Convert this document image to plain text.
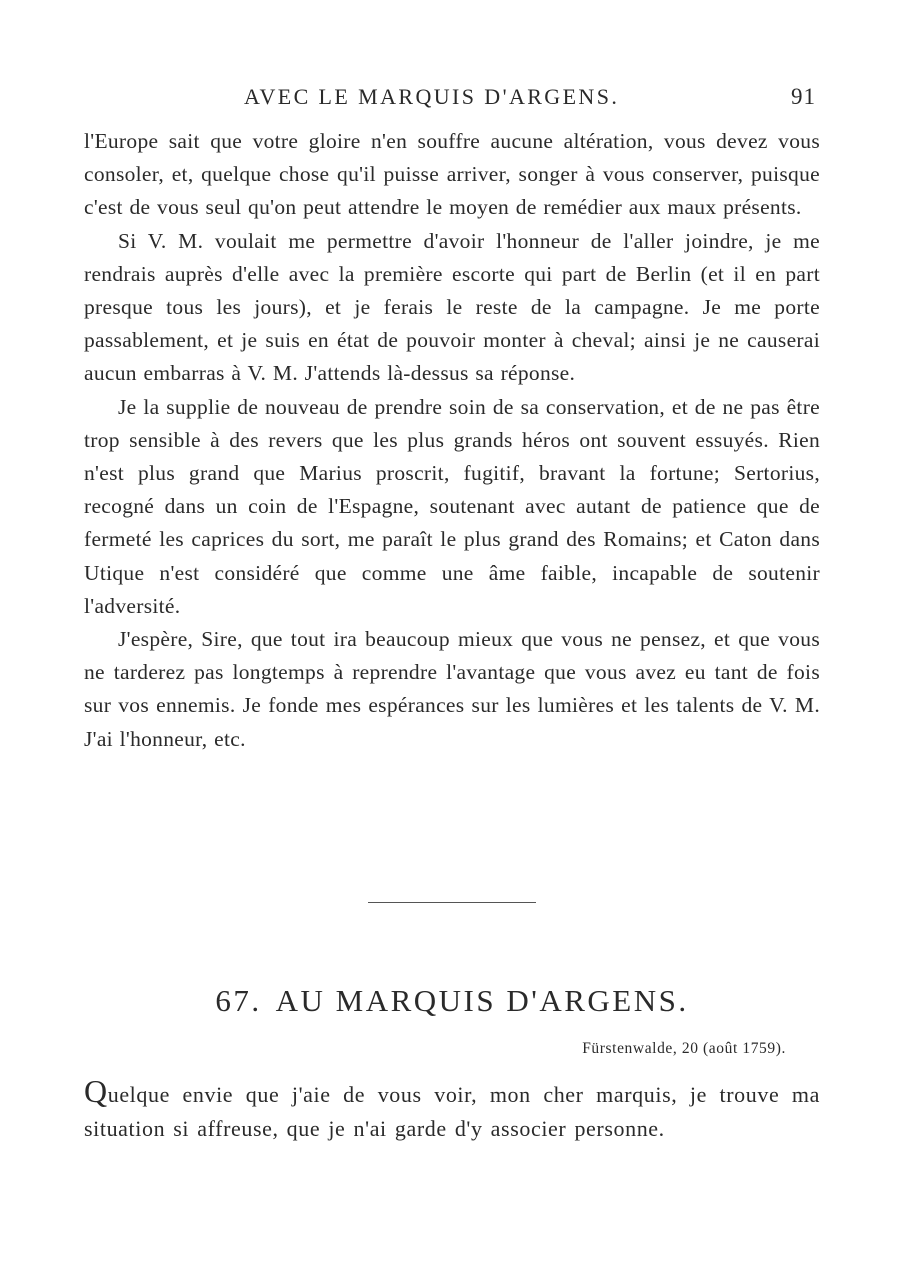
AVEC LE MARQUIS D'ARGENS.	91

l'Europe sait que votre gloire n'en souffre aucune altération, vous devez vous consoler, et, quelque chose qu'il puisse arriver, songer à vous conserver, puisque c'est de vous seul qu'on peut attendre le moyen de remédier aux maux présents.

Si V. M. voulait me permettre d'avoir l'honneur de l'aller joindre, je me rendrais auprès d'elle avec la première escorte qui part de Berlin (et il en part presque tous les jours), et je ferais le reste de la campagne. Je me porte passablement, et je suis en état de pouvoir monter à cheval; ainsi je ne causerai aucun embarras à V. M. J'attends là-dessus sa réponse.

Je la supplie de nouveau de prendre soin de sa conservation, et de ne pas être trop sensible à des revers que les plus grands héros ont souvent essuyés. Rien n'est plus grand que Marius proscrit, fugitif, bravant la fortune; Sertorius, recogné dans un coin de l'Espagne, soutenant avec autant de patience que de fermeté les caprices du sort, me paraît le plus grand des Romains; et Caton dans Utique n'est considéré que comme une âme faible, incapable de soutenir l'adversité.

J'espère, Sire, que tout ira beaucoup mieux que vous ne pensez, et que vous ne tarderez pas longtemps à reprendre l'avantage que vous avez eu tant de fois sur vos ennemis. Je fonde mes espérances sur les lumières et les talents de V. M. J'ai l'honneur, etc.

67. AU MARQUIS D'ARGENS.
Fürstenwalde, 20 (août 1759).

Quelque envie que j'aie de vous voir, mon cher marquis, je trouve ma situation si affreuse, que je n'ai garde d'y associer personne.
